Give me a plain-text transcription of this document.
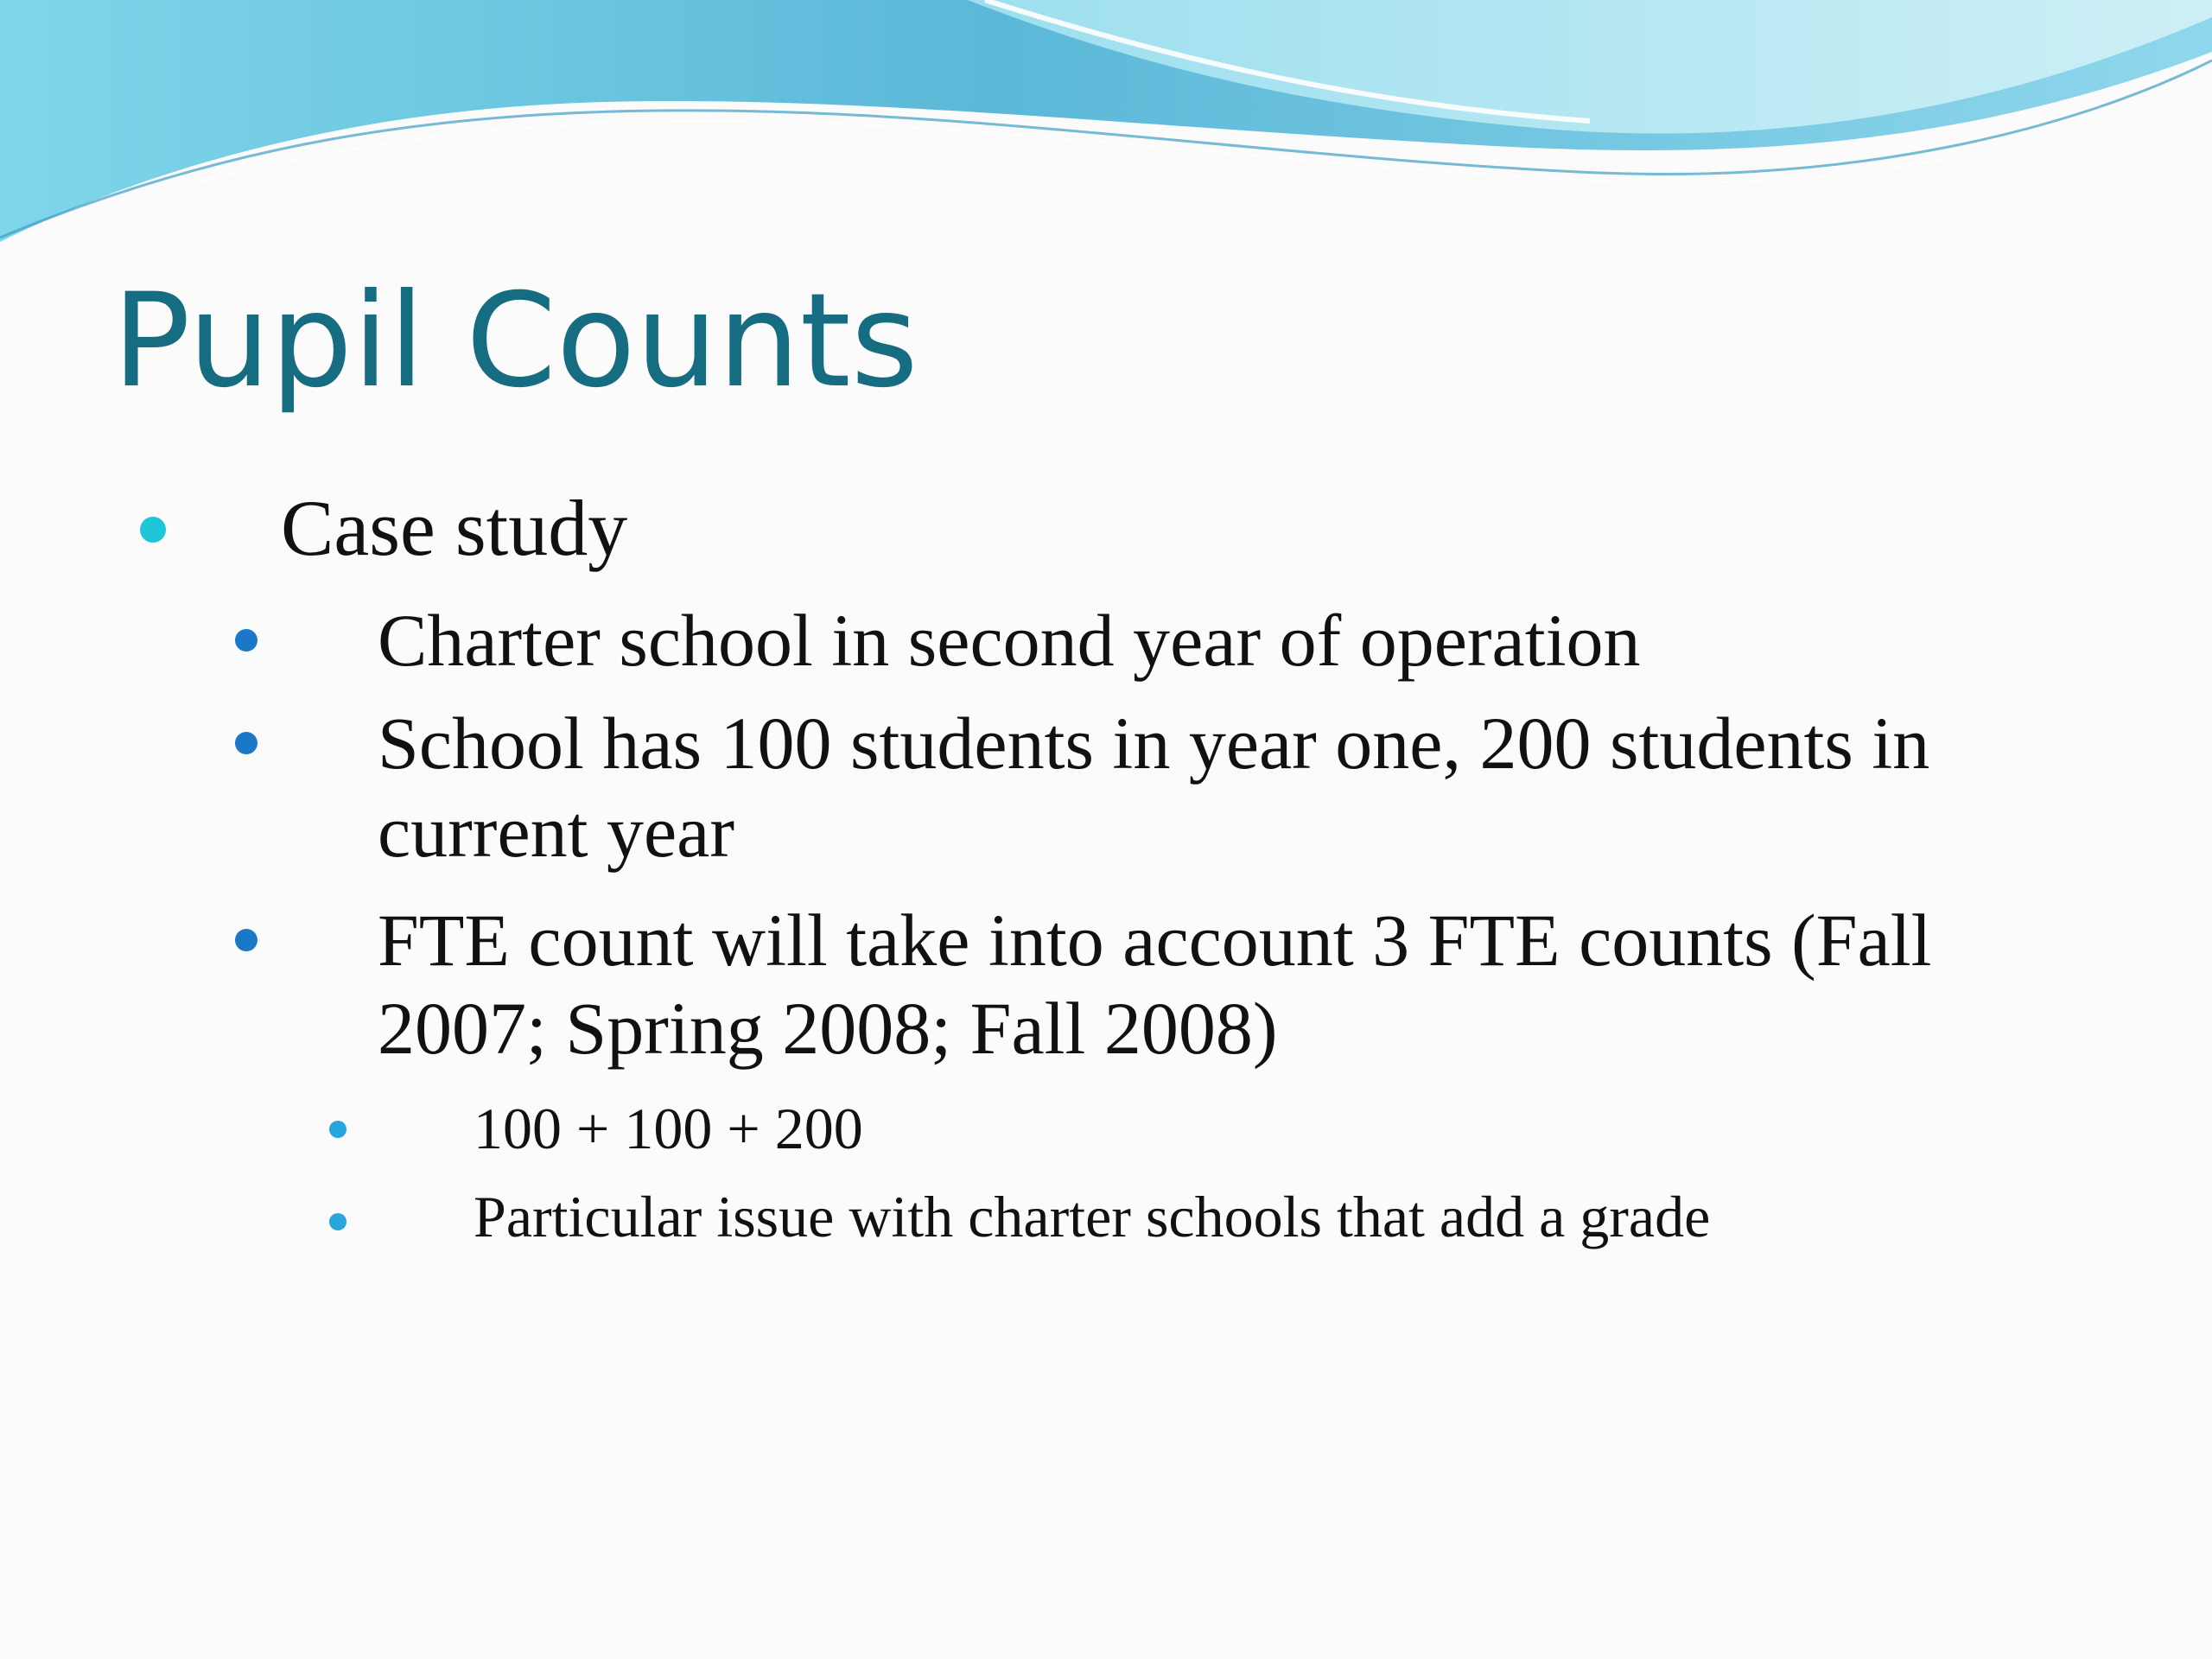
Pupil Counts
Case study
Charter school in second year of operation
School has 100 students in year one, 200 students in
current year
FTE count will take into account 3 FTE counts (Fall
2007; Spring 2008; Fall 2008)
100 + 100 + 200
Particular issue with charter schools that add a grade
